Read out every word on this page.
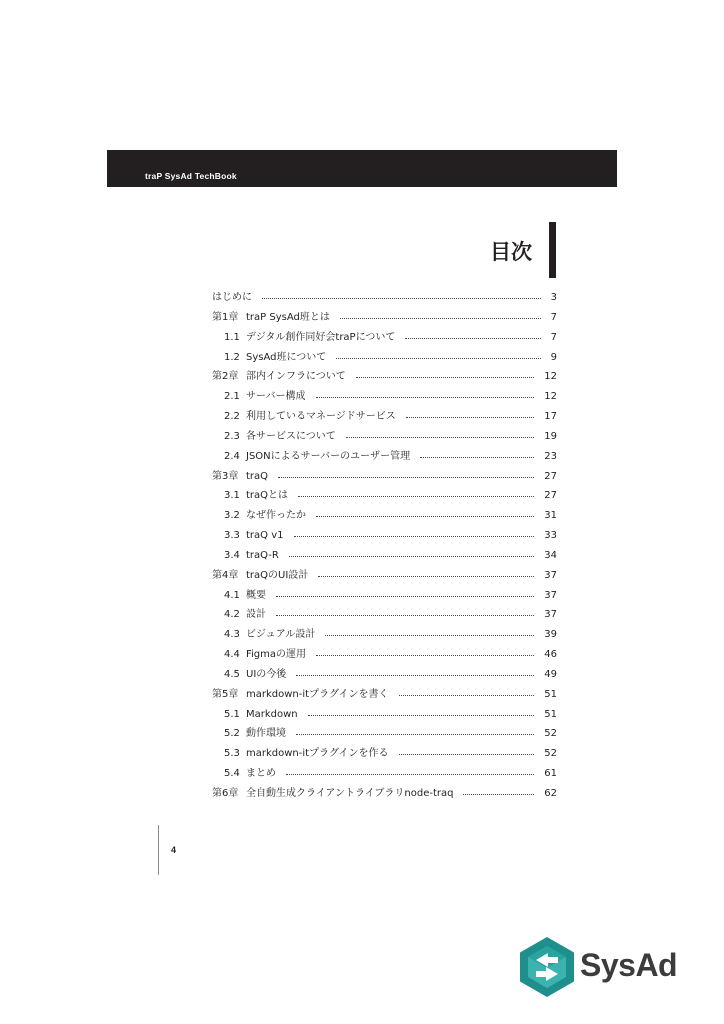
traP SysAd TechBook
目次
はじめに	3
第1章 traP SysAd班とは	7
1.1 デジタル創作同好会traPについて	7
1.2 SysAd班について	9
第2章 部内インフラについて	12
2.1 サーバー構成	12
2.2 利用しているマネージドサービス	17
2.3 各サービスについて	19
2.4 JSONによるサーバーのユーザー管理	23
第3章 traQ	27
3.1 traQとは	27
3.2 なぜ作ったか	31
3.3 traQ v1	33
3.4 traQ-R	34
第4章 traQのUI設計	37
4.1 概要	37
4.2 設計	37
4.3 ビジュアル設計	39
4.4 Figmaの運用	46
4.5 UIの今後	49
第5章 markdown-itプラグインを書く	51
5.1 Markdown	51
5.2 動作環境	52
5.3 markdown-itプラグインを作る	52
5.4 まとめ	61
第6章 全自動生成クライアントライブラリnode-traq	62
4
SysAd
